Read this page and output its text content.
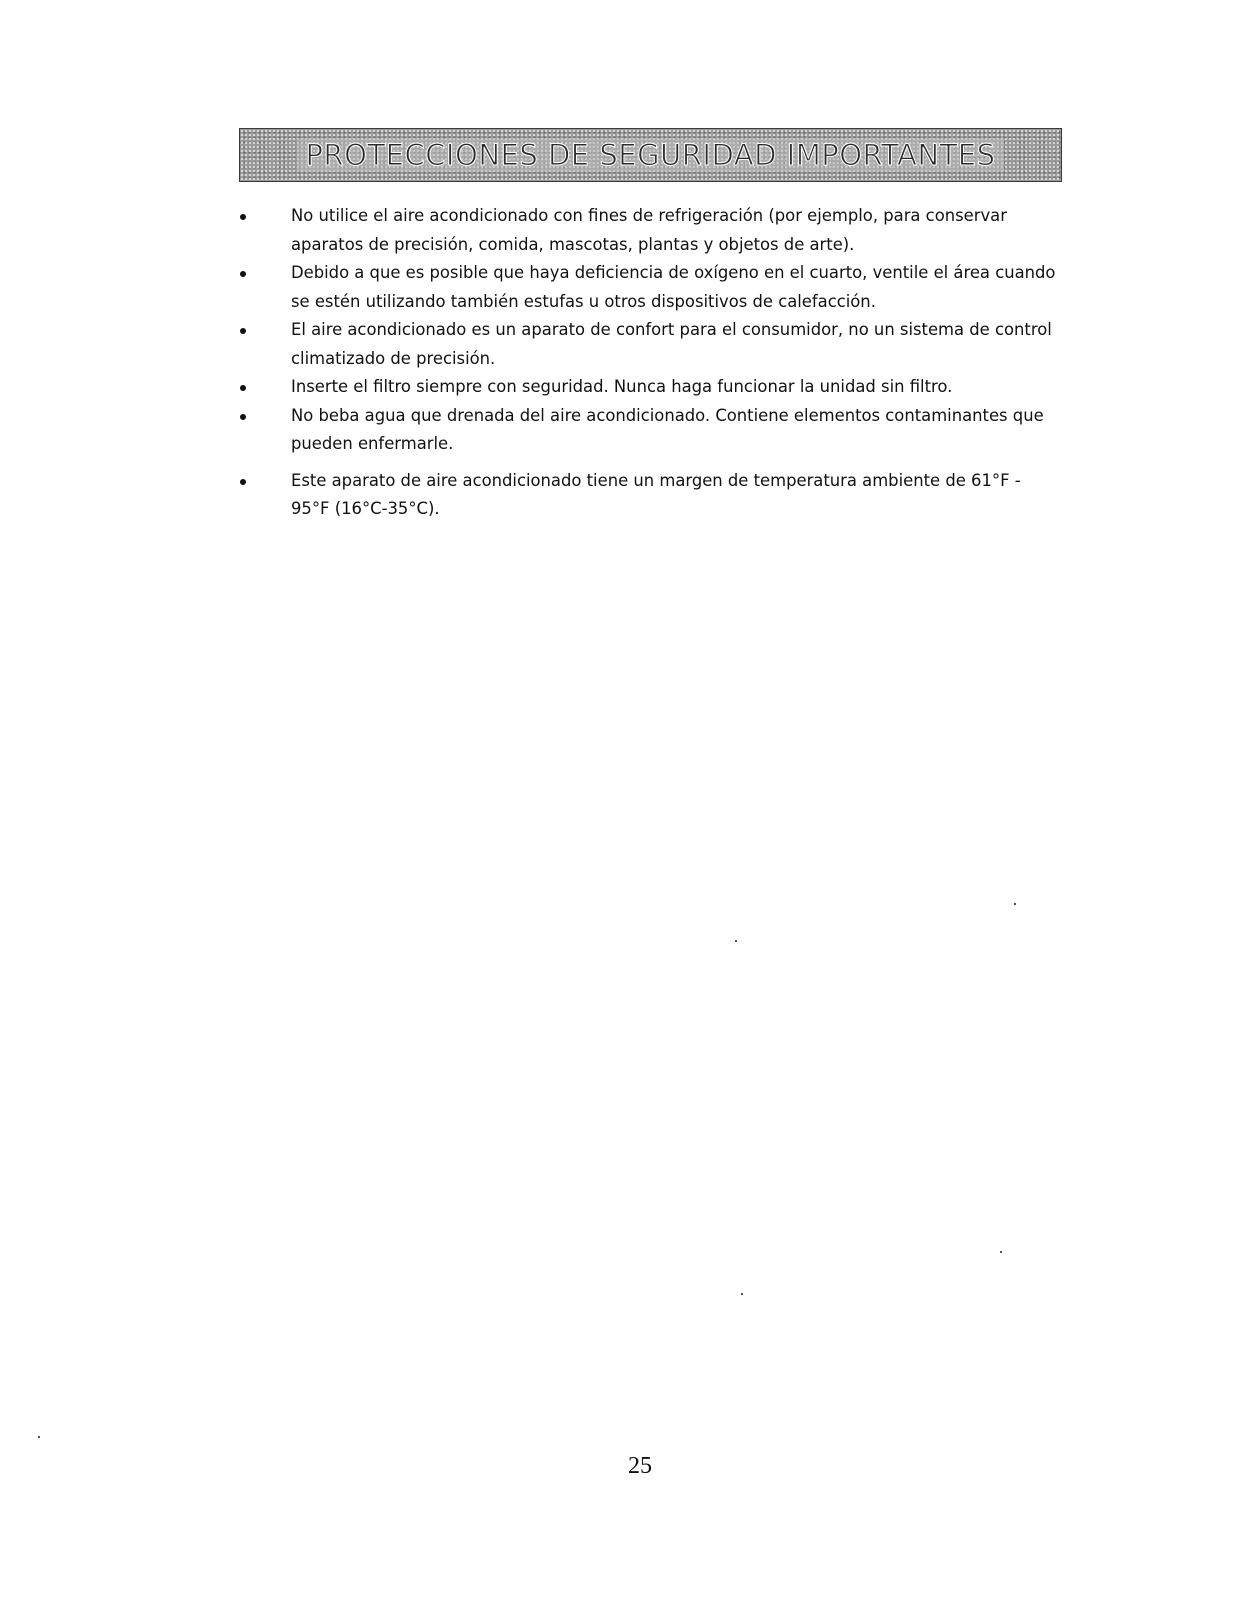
PROTECCIONES DE SEGURIDAD IMPORTANTES
No utilice el aire acondicionado con fines de refrigeración (por ejemplo, para conservar aparatos de precisión, comida, mascotas, plantas y objetos de arte).
Debido a que es posible que haya deficiencia de oxígeno en el cuarto, ventile el área cuando se estén utilizando también estufas u otros dispositivos de calefacción.
El aire acondicionado es un aparato de confort para el consumidor, no un sistema de control climatizado de precisión.
Inserte el filtro siempre con seguridad. Nunca haga funcionar la unidad sin filtro.
No beba agua que drenada del aire acondicionado. Contiene elementos contaminantes que pueden enfermarle.
Este aparato de aire acondicionado tiene un margen de temperatura ambiente de 61°F - 95°F (16°C-35°C).
25
